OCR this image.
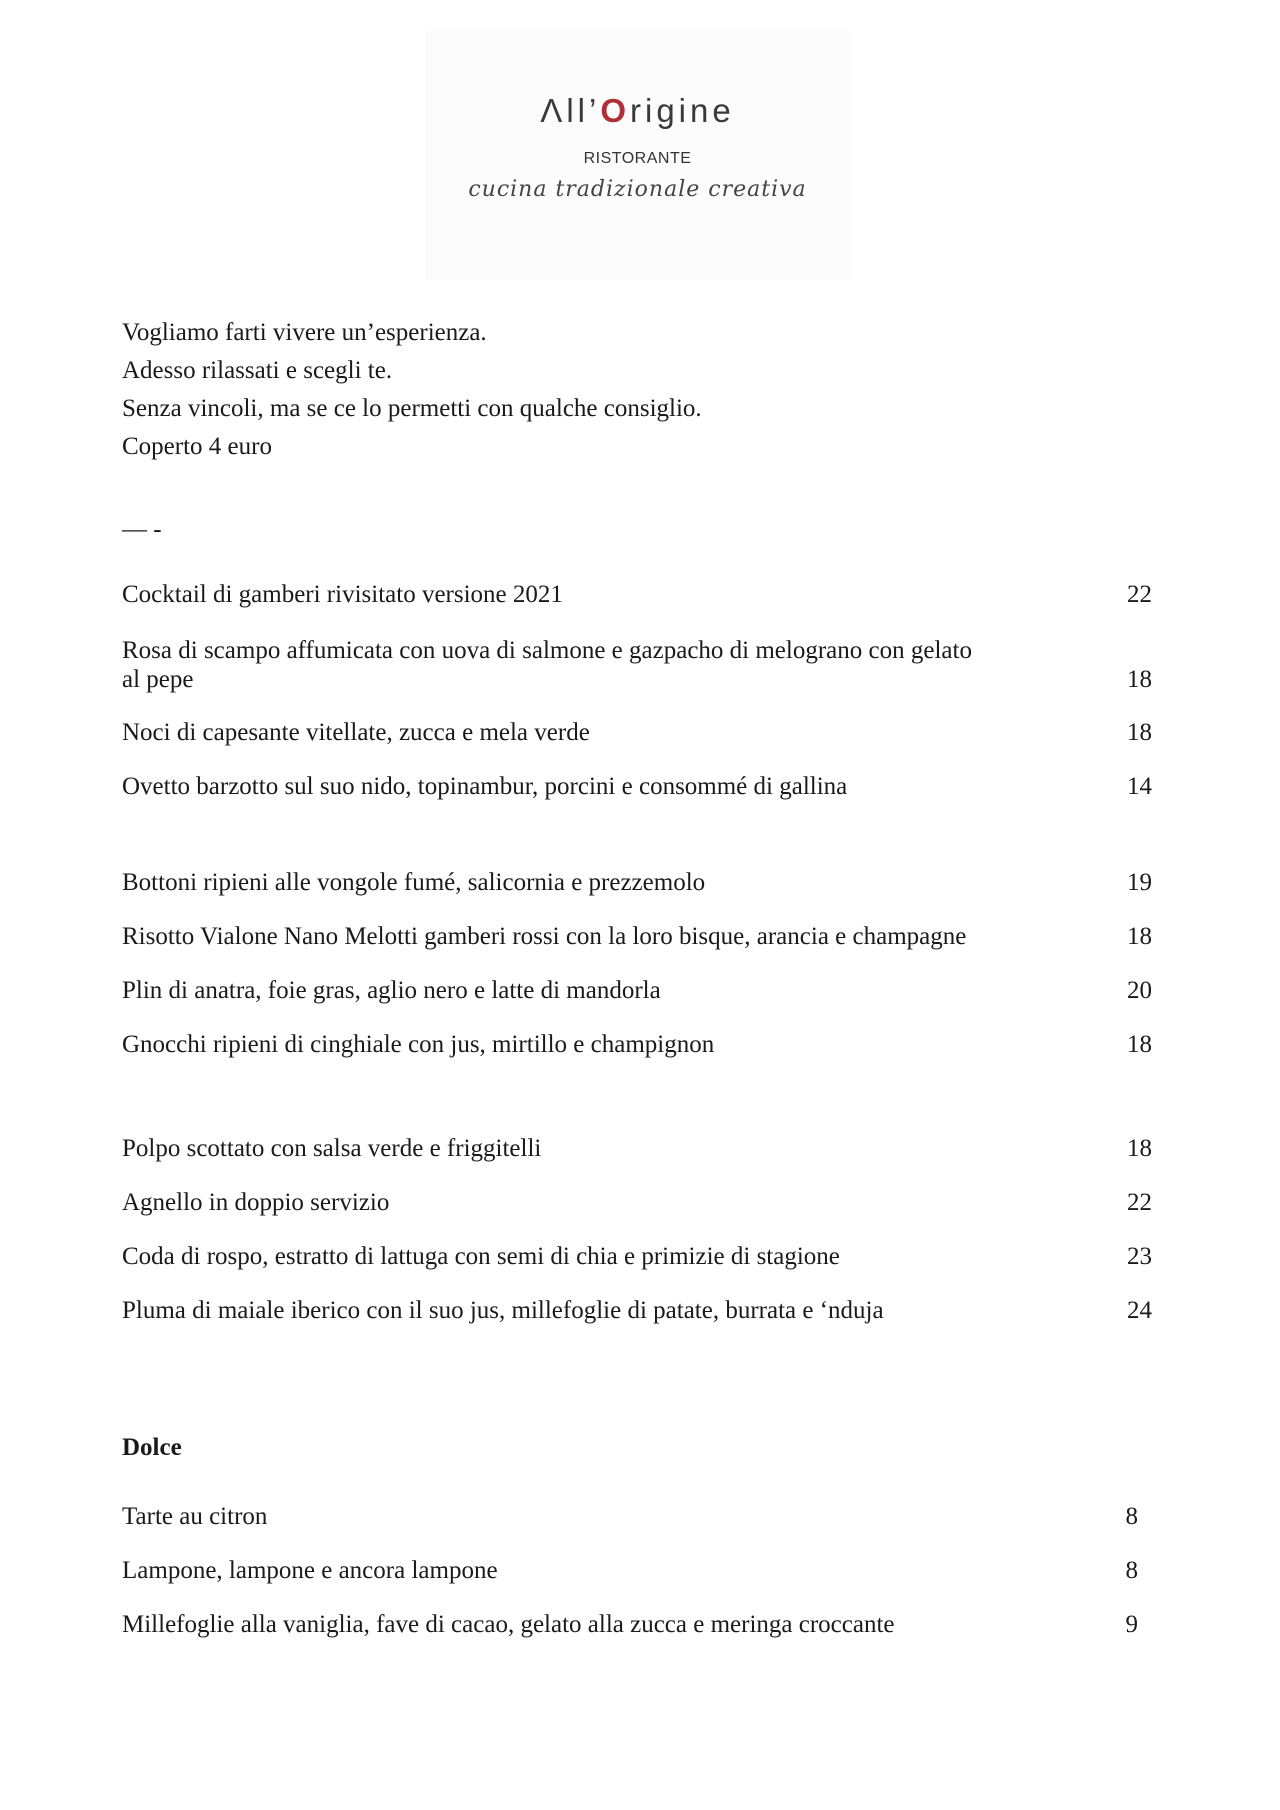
Λll’Origine
RISTORANTE
cucina tradizionale creativa
Vogliamo farti vivere un’esperienza.
Adesso rilassati e scegli te.
Senza vincoli, ma se ce lo permetti con qualche consiglio.
Coperto 4 euro
— -
Cocktail di gamberi rivisitato versione 2021	22
Rosa di scampo affumicata con uova di salmone e gazpacho di melograno con gelato al pepe	18
Noci di capesante vitellate, zucca e mela verde	18
Ovetto barzotto sul suo nido, topinambur, porcini e consommé di gallina	14
Bottoni ripieni alle vongole fumé, salicornia e prezzemolo	19
Risotto Vialone Nano Melotti gamberi rossi con la loro bisque, arancia e champagne	18
Plin di anatra, foie gras, aglio nero e latte di mandorla	20
Gnocchi ripieni di cinghiale con jus, mirtillo e champignon	18
Polpo scottato con salsa verde e friggitelli	18
Agnello in doppio servizio	22
Coda di rospo, estratto di lattuga con semi di chia e primizie di stagione	23
Pluma di maiale iberico con il suo jus, millefoglie di patate, burrata e ‘nduja	24
Dolce
Tarte au citron	8
Lampone, lampone e ancora lampone	8
Millefoglie alla vaniglia, fave di cacao, gelato alla zucca e meringa croccante	9
